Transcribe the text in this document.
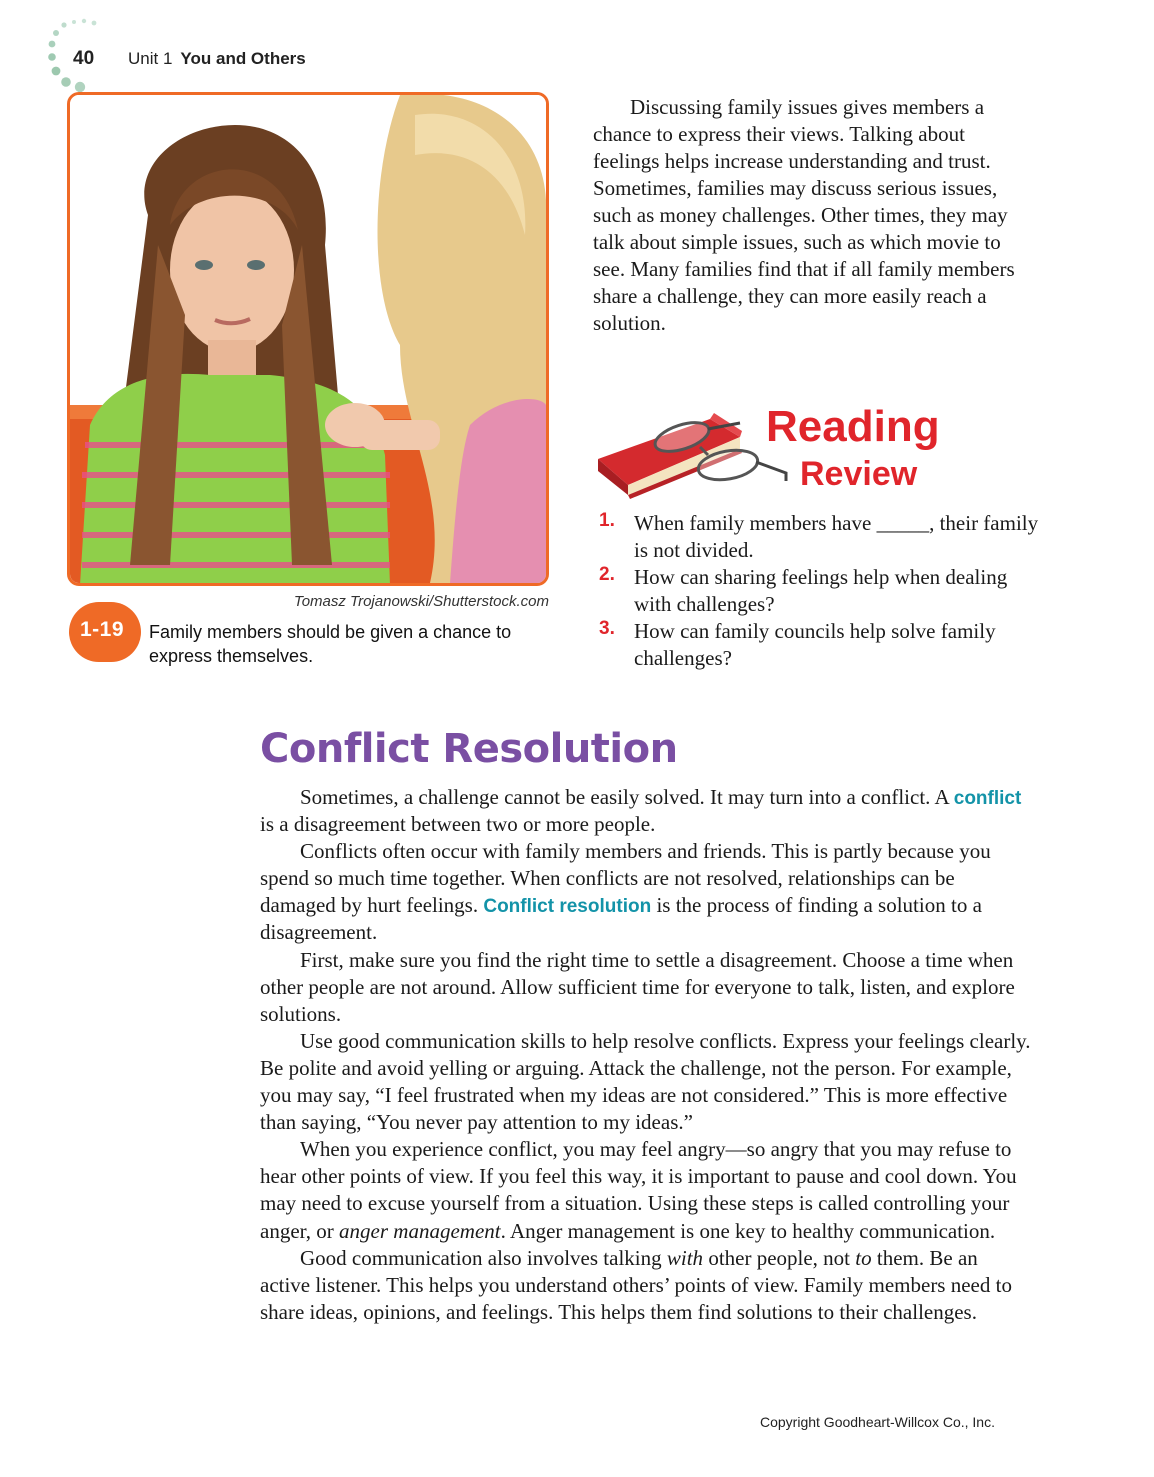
40 Unit 1 You and Others
Tomasz Trojanowski/Shutterstock.com
1-19 Family members should be given a chance to express themselves.

Discussing family issues gives members a chance to express their views. Talking about feelings helps increase understanding and trust. Sometimes, families may discuss serious issues, such as money challenges. Other times, they may talk about simple issues, such as which movie to see. Many families find that if all family members share a challenge, they can more easily reach a solution.

Reading
Review
1. When family members have _____, their family is not divided.
2. How can sharing feelings help when dealing with challenges?
3. How can family councils help solve family challenges?
Conflict Resolution

Sometimes, a challenge cannot be easily solved. It may turn into a conflict. A conflict is a disagreement between two or more people.

Conflicts often occur with family members and friends. This is partly because you spend so much time together. When conflicts are not resolved, relationships can be damaged by hurt feelings. Conflict resolution is the process of finding a solution to a disagreement.

First, make sure you find the right time to settle a disagreement. Choose a time when other people are not around. Allow sufficient time for everyone to talk, listen, and explore solutions.

Use good communication skills to help resolve conflicts. Express your feelings clearly. Be polite and avoid yelling or arguing. Attack the challenge, not the person. For example, you may say, “I feel frustrated when my ideas are not considered.” This is more effective than saying, “You never pay attention to my ideas.”

When you experience conflict, you may feel angry—so angry that you may refuse to hear other points of view. If you feel this way, it is important to pause and cool down. You may need to excuse yourself from a situation. Using these steps is called controlling your anger, or anger management. Anger management is one key to healthy communication.

Good communication also involves talking with other people, not to them. Be an active listener. This helps you understand others’ points of view. Family members need to share ideas, opinions, and feelings. This helps them find solutions to their challenges.

Copyright Goodheart-Willcox Co., Inc.
